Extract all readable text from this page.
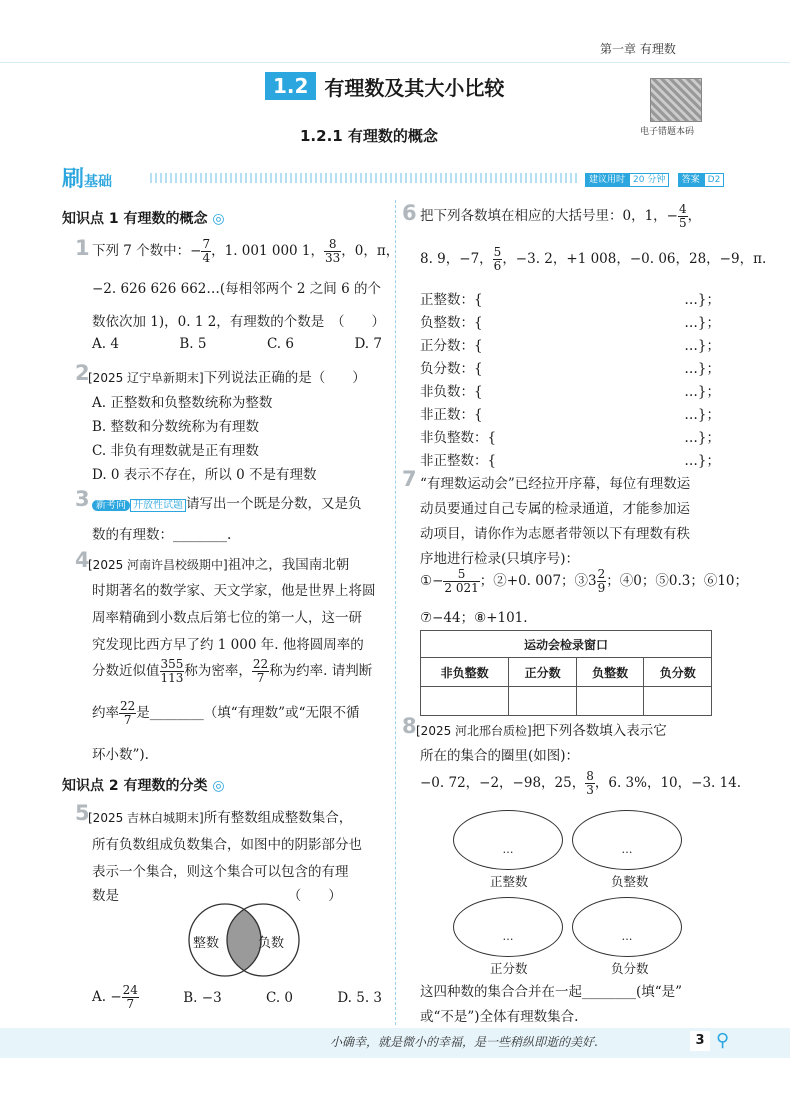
第一章 有理数
1.2 有理数及其大小比较
电子错题本码
1.2.1 有理数的概念
刷基础	建议用时 20 分钟 答案 D2
知识点 1 有理数的概念 ◎
1 下列 7 个数中：− $\frac{7}{4}$ ，1. 001 000 1， $\frac{8}{33}$ ，0，π，
−2. 626 626 662…(每相邻两个 2 之间 6 的个
数依次加 1)，0. 1 2̇，有理数的个数是　（　　）
A. 4	B. 5	C. 6	D. 7
2
[2025 辽宁阜新期末]下列说法正确的是（　　）
A. 正整数和负整数统称为整数
B. 整数和分数统称为有理数
C. 非负有理数就是正有理数
D. 0 表示不存在，所以 0 不是有理数
3 新考向 开放性试题 请写出一个既是分数，又是负
数的有理数：________.
4
[2025 河南许昌校级期中]祖冲之，我国南北朝
时期著名的数学家、天文学家，他是世界上将圆
周率精确到小数点后第七位的第一人，这一研
究发现比西方早了约 1 000 年. 他将圆周率的
分数近似值 $\frac{355}{113}$ 称为密率， $\frac{22}{7}$ 称为约率. 请判断
约率 $\frac{22}{7}$ 是________（填“有理数”或“无限不循
环小数”).
知识点 2 有理数的分类 ◎
5
[2025 吉林白城期末]所有整数组成整数集合，
所有负数组成负数集合，如图中的阴影部分也
表示一个集合，则这个集合可以包含的有理
数是　　　　　　　　　　　　　（　　）
整数	负数
A. − $\frac{24}{7}$	B. −3	C. 0	D. 5. 3
6 把下列各数填在相应的大括号里：0，1，− $\frac{4}{5}$ ，
8. 9，−7， $\frac{5}{6}$ ，−3. 2，+1 008，−0. 06，28，−9，π.
正整数：{	…}；
负整数：{	…}；
正分数：{	…}；
负分数：{	…}；
非负数：{	…}；
非正数：{	…}；
非负整数：{	…}；
非正整数：{	…}；
7 “有理数运动会”已经拉开序幕，每位有理数运
动员要通过自己专属的检录通道，才能参加运
动项目，请你作为志愿者带领以下有理数有秩
序地进行检录(只填序号)：
①− $\frac{5}{2 021}$ ；②+0. 007；③3 $\frac{2}{9}$ ；④0；⑤0.3̇；⑥10；
⑦−44；⑧+101.
运动会检录窗口			
非负整数	正分数	负整数	负分数

8 [2025 河北邢台质检]把下列各数填入表示它
所在的集合的圈里(如图)：
−0. 72，−2，−98，25， $\frac{8}{3}$ ，6. 3%，10，−3. 14.
…	…
正整数	负整数
…	…
正分数	负分数
这四种数的集合合并在一起________(填“是”
或“不是”)全体有理数集合.
小确幸，就是微小的幸福，是一些稍纵即逝的美好.	3 ⚲
